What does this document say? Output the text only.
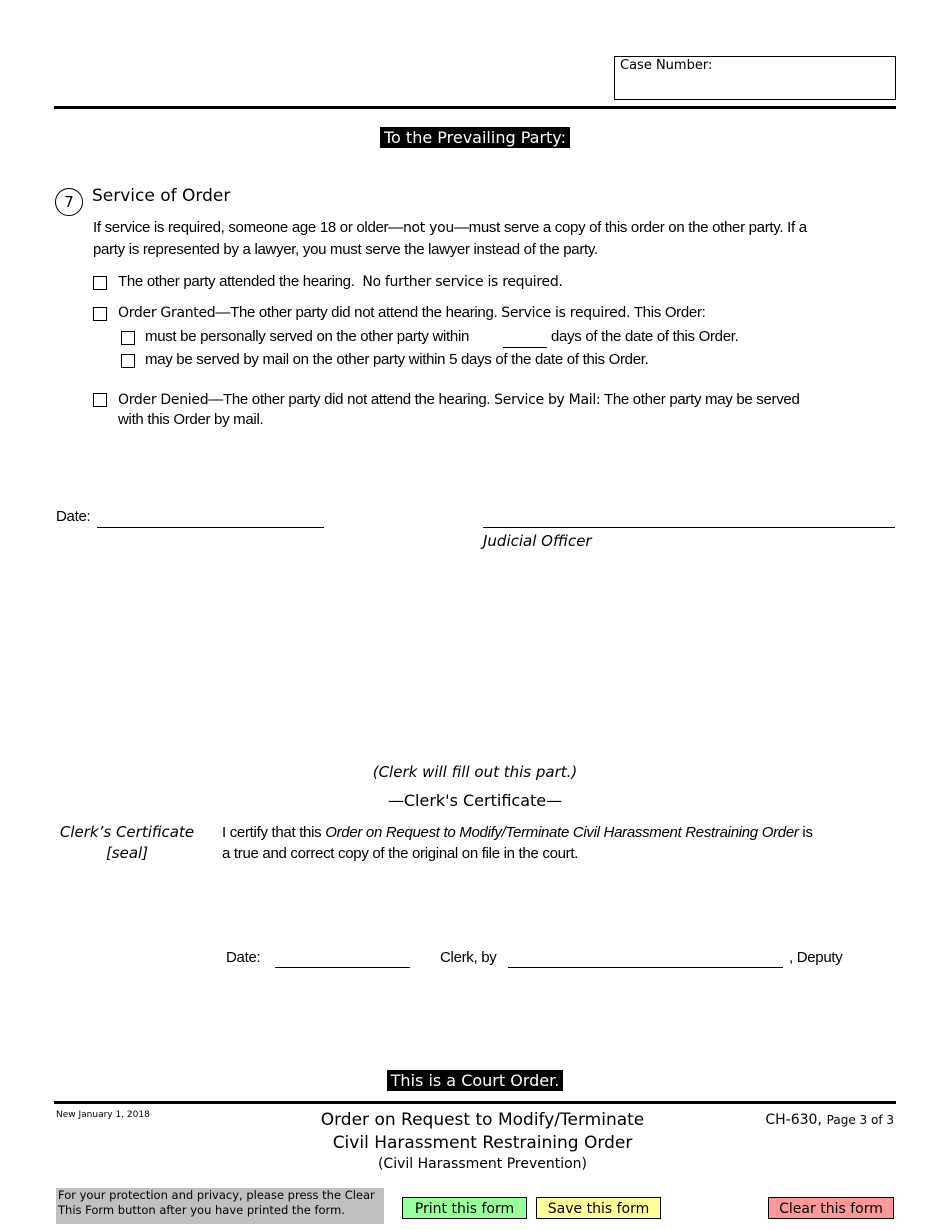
Case Number:
To the Prevailing Party:
7	Service of Order
If service is required, someone age 18 or older—not you—must serve a copy of this order on the other party. If a
party is represented by a lawyer, you must serve the lawyer instead of the party.
The other party attended the hearing. No further service is required.
Order Granted—The other party did not attend the hearing. Service is required. This Order:
must be personally served on the other party within	days of the date of this Order.
may be served by mail on the other party within 5 days of the date of this Order.
Order Denied—The other party did not attend the hearing. Service by Mail: The other party may be served
with this Order by mail.
Date:
Judicial Officer
(Clerk will fill out this part.)
—Clerk's Certificate—
Clerk’s Certificate
[seal]
I certify that this Order on Request to Modify/Terminate Civil Harassment Restraining Order is
a true and correct copy of the original on file in the court.
Date:	Clerk, by	, Deputy
This is a Court Order.
New January 1, 2018	Order on Request to Modify/Terminate
Civil Harassment Restraining Order
(Civil Harassment Prevention)
CH-630, Page 3 of 3
For your protection and privacy, please press the Clear This Form button after you have printed the form.	Print this form	Save this form	Clear this form
